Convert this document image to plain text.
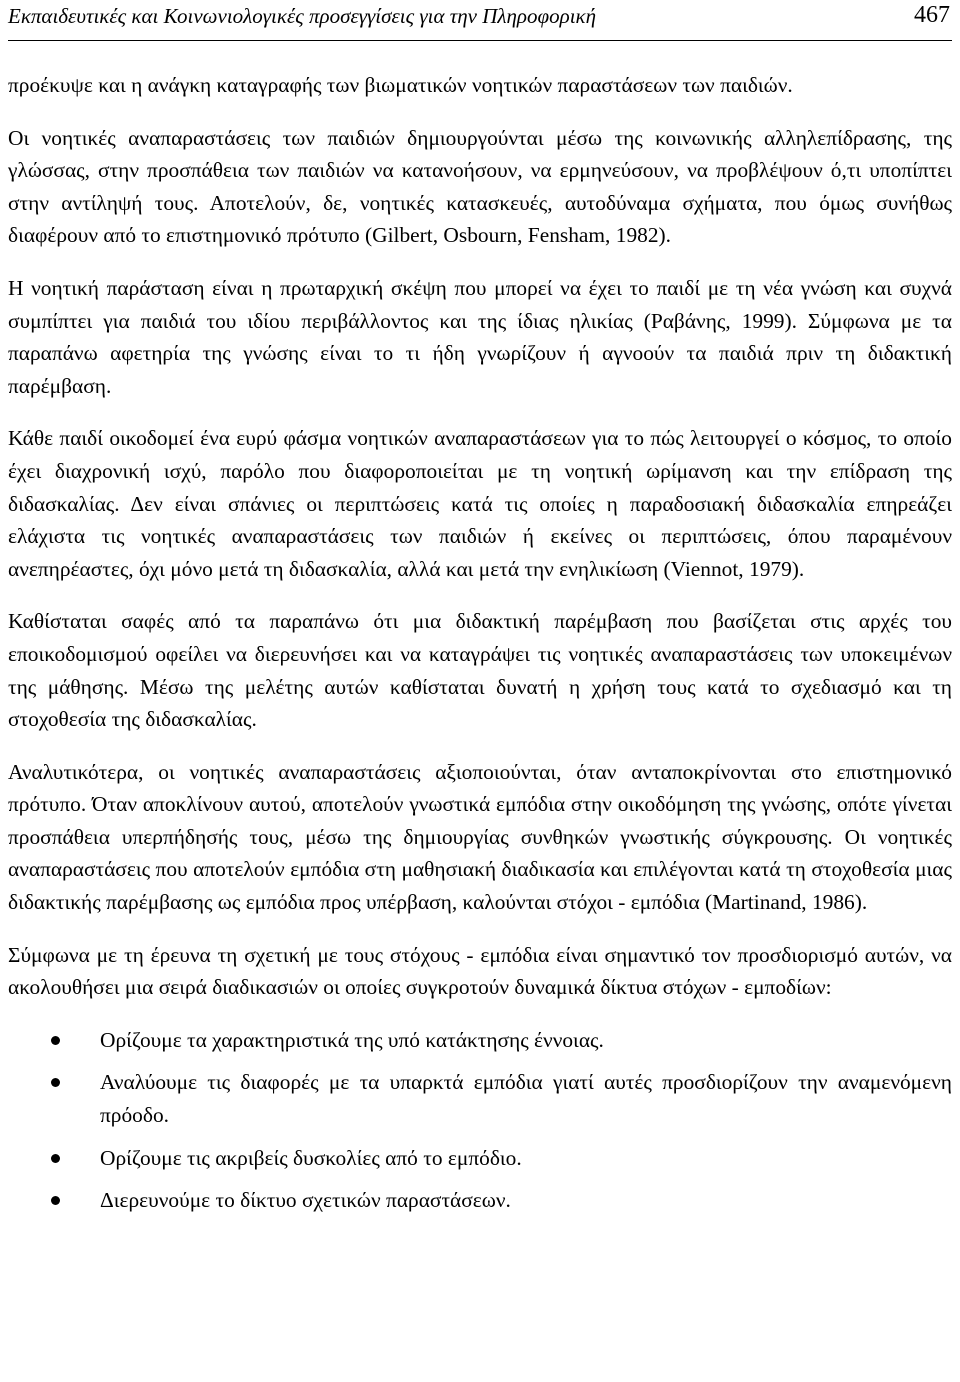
Εκπαιδευτικές και Κοινωνιολογικές προσεγγίσεις για την Πληροφορική	467

προέκυψε και η ανάγκη καταγραφής των βιωματικών νοητικών παραστάσεων των παιδιών.

Οι νοητικές αναπαραστάσεις των παιδιών δημιουργούνται μέσω της κοινωνικής αλληλεπίδρασης, της γλώσσας, στην προσπάθεια των παιδιών να κατανοήσουν, να ερμηνεύσουν, να προβλέψουν ό,τι υποπίπτει στην αντίληψή τους. Αποτελούν, δε, νοητικές κατασκευές, αυτοδύναμα σχήματα, που όμως συνήθως διαφέρουν από το επιστημονικό πρότυπο (Gilbert, Osbourn, Fensham, 1982).

Η νοητική παράσταση είναι η πρωταρχική σκέψη που μπορεί να έχει το παιδί με τη νέα γνώση και συχνά συμπίπτει για παιδιά του ιδίου περιβάλλοντος και της ίδιας ηλικίας (Ραβάνης, 1999). Σύμφωνα με τα παραπάνω αφετηρία της γνώσης είναι το τι ήδη γνωρίζουν ή αγνοούν τα παιδιά πριν τη διδακτική παρέμβαση.

Κάθε παιδί οικοδομεί ένα ευρύ φάσμα νοητικών αναπαραστάσεων για το πώς λειτουργεί ο κόσμος, το οποίο έχει διαχρονική ισχύ, παρόλο που διαφοροποιείται με τη νοητική ωρίμανση και την επίδραση της διδασκαλίας. Δεν είναι σπάνιες οι περιπτώσεις κατά τις οποίες η παραδοσιακή διδασκαλία επηρεάζει ελάχιστα τις νοητικές αναπαραστάσεις των παιδιών ή εκείνες οι περιπτώσεις, όπου παραμένουν ανεπηρέαστες, όχι μόνο μετά τη διδασκαλία, αλλά και μετά την ενηλικίωση (Viennot, 1979).

Καθίσταται σαφές από τα παραπάνω ότι μια διδακτική παρέμβαση που βασίζεται στις αρχές του εποικοδομισμού οφείλει να διερευνήσει και να καταγράψει τις νοητικές αναπαραστάσεις των υποκειμένων της μάθησης. Μέσω της μελέτης αυτών καθίσταται δυνατή η χρήση τους κατά το σχεδιασμό και τη στοχοθεσία της διδασκαλίας.

Αναλυτικότερα, οι νοητικές αναπαραστάσεις αξιοποιούνται, όταν ανταποκρίνονται στο επιστημονικό πρότυπο. Όταν αποκλίνουν αυτού, αποτελούν γνωστικά εμπόδια στην οικοδόμηση της γνώσης, οπότε γίνεται προσπάθεια υπερπήδησής τους, μέσω της δημιουργίας συνθηκών γνωστικής σύγκρουσης. Οι νοητικές αναπαραστάσεις που αποτελούν εμπόδια στη μαθησιακή διαδικασία και επιλέγονται κατά τη στοχοθεσία μιας διδακτικής παρέμβασης ως εμπόδια προς υπέρβαση, καλούνται στόχοι - εμπόδια (Martinand, 1986).

Σύμφωνα με τη έρευνα τη σχετική με τους στόχους - εμπόδια είναι σημαντικό τον προσδιορισμό αυτών, να ακολουθήσει μια σειρά διαδικασιών οι οποίες συγκροτούν δυναμικά δίκτυα στόχων - εμποδίων:

Ορίζουμε τα χαρακτηριστικά της υπό κατάκτησης έννοιας.
Αναλύουμε τις διαφορές με τα υπαρκτά εμπόδια γιατί αυτές προσδιορίζουν την αναμενόμενη πρόοδο.
Ορίζουμε τις ακριβείς δυσκολίες από το εμπόδιο.
Διερευνούμε το δίκτυο σχετικών παραστάσεων.
